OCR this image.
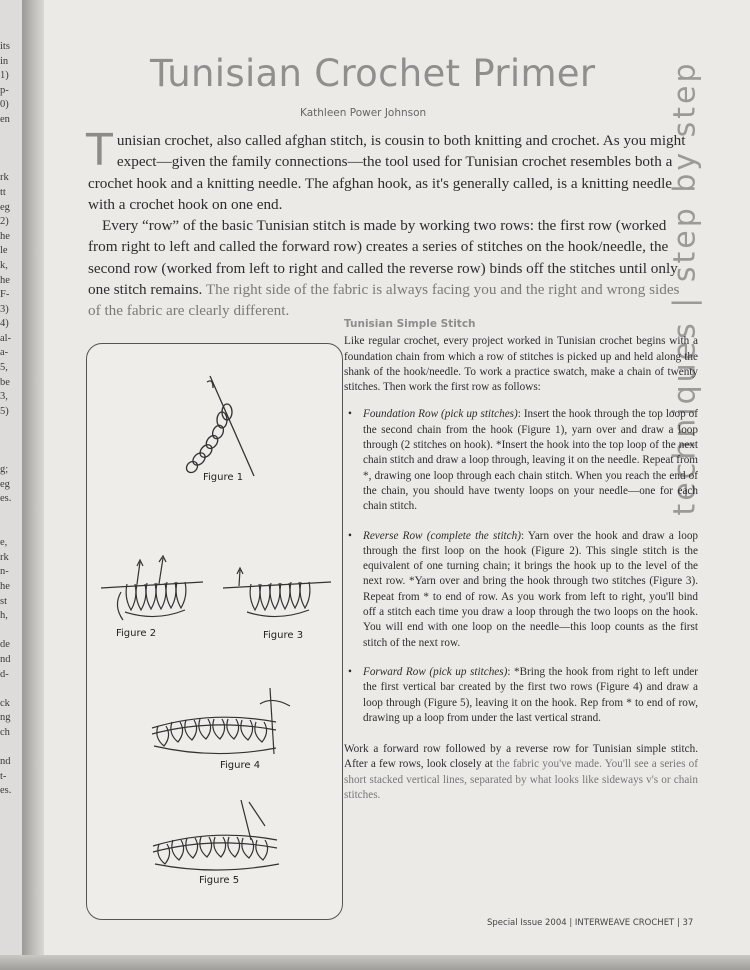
its
in
1)
p-
0)
en
rk
tt
eg
2)
he
le
k,
he
F-
3)
4)
al-
a-
5,
be
3,
5)
g;
eg
es.
e,
rk
n-
he
st
h,
de
nd
d-
ck
ng
ch
nd
t-
es.
Tunisian Crochet Primer
Kathleen Power Johnson

Tunisian crochet, also called afghan stitch, is cousin to both knitting and crochet. As you might expect—given the family connections—the tool used for Tunisian crochet resembles both a crochet hook and a knitting needle. The afghan hook, as it's generally called, is a knitting needle with a crochet hook on one end.

Every “row” of the basic Tunisian stitch is made by working two rows: the first row (worked from right to left and called the forward row) creates a series of stitches on the hook/needle, the second row (worked from left to right and called the reverse row) binds off the stitches until only one stitch remains. The right side of the fabric is always facing you and the right and wrong sides of the fabric are clearly different.	techniques | step by step
Figure 1
Figure 2	Figure 3
Figure 4
Figure 5
Tunisian Simple Stitch

Like regular crochet, every project worked in Tunisian crochet begins with a foundation chain from which a row of stitches is picked up and held along the shank of the hook/needle. To work a practice swatch, make a chain of twenty stitches. Then work the first row as follows:

• Foundation Row (pick up stitches): Insert the hook through the top loop of the second chain from the hook (Figure 1), yarn over and draw a loop through (2 stitches on hook). *Insert the hook into the top loop of the next chain stitch and draw a loop through, leaving it on the needle. Repeat from *, drawing one loop through each chain stitch. When you reach the end of the chain, you should have twenty loops on your needle—one for each chain stitch.
• Reverse Row (complete the stitch): Yarn over the hook and draw a loop through the first loop on the hook (Figure 2). This single stitch is the equivalent of one turning chain; it brings the hook up to the level of the next row. *Yarn over and bring the hook through two stitches (Figure 3). Repeat from * to end of row. As you work from left to right, you'll bind off a stitch each time you draw a loop through the two loops on the hook. You will end with one loop on the needle—this loop counts as the first stitch of the next row.
• Forward Row (pick up stitches): *Bring the hook from right to left under the first vertical bar created by the first two rows (Figure 4) and draw a loop through (Figure 5), leaving it on the hook. Rep from * to end of row, drawing up a loop from under the last vertical strand.

Work a forward row followed by a reverse row for Tunisian simple stitch. After a few rows, look closely at the fabric you've made. You'll see a series of short stacked vertical lines, separated by what looks like sideways v's or chain stitches.

Special Issue 2004 | INTERWEAVE CROCHET | 37
